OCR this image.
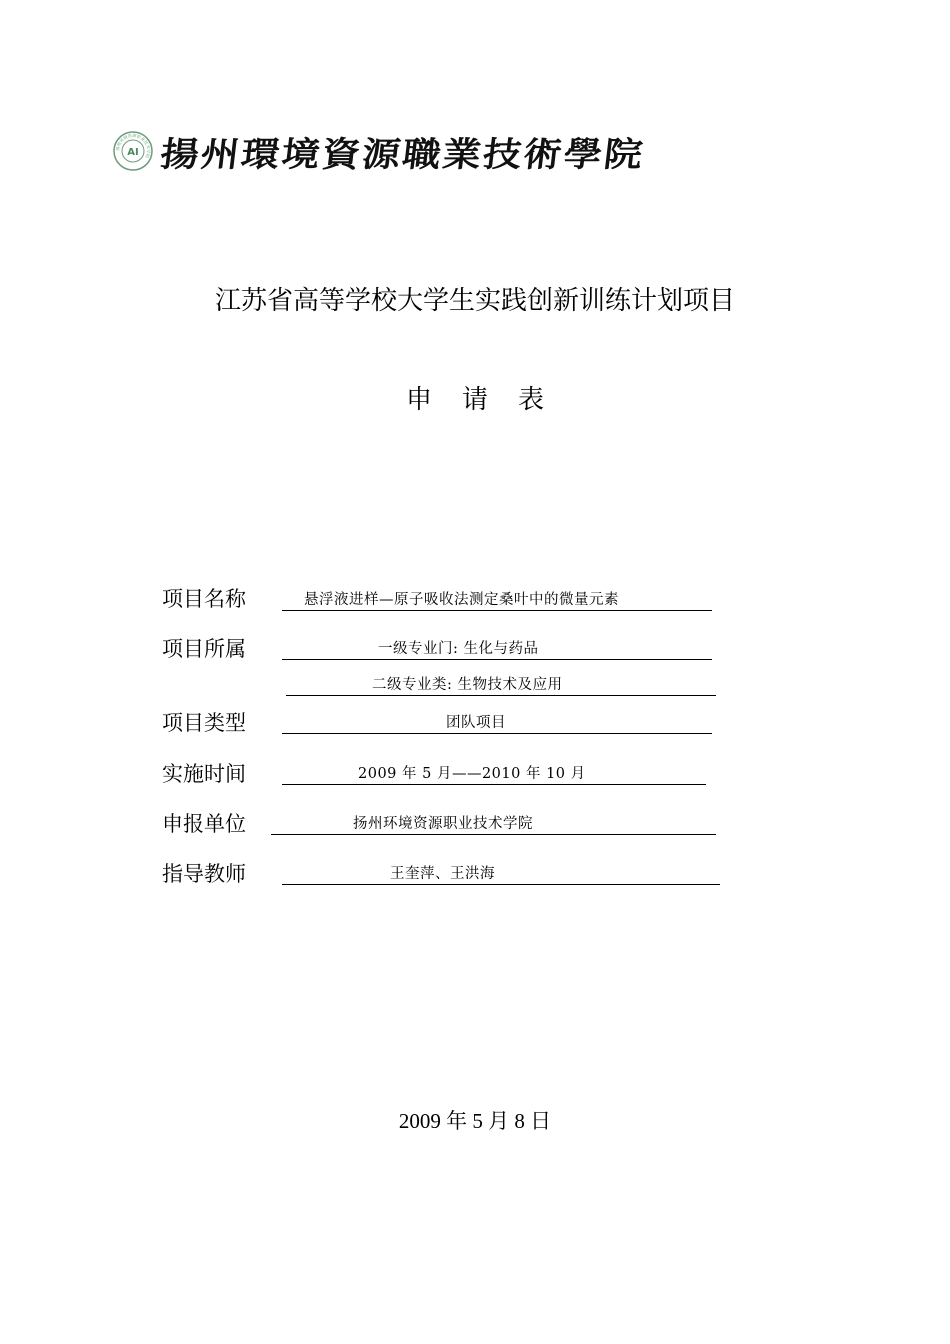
扬州环境资源职业技术学院
AI 揚州環境資源職業技術學院
江苏省高等学校大学生实践创新训练计划项目
申请表
项目名称	悬浮液进样—原子吸收法测定桑叶中的微量元素
项目所属	一级专业门: 生化与药品
二级专业类: 生物技术及应用
项目类型	团队项目
实施时间	2009 年 5 月——2010 年 10 月
申报单位	扬州环境资源职业技术学院
指导教师	王奎萍、王洪海
2009 年 5 月 8 日
